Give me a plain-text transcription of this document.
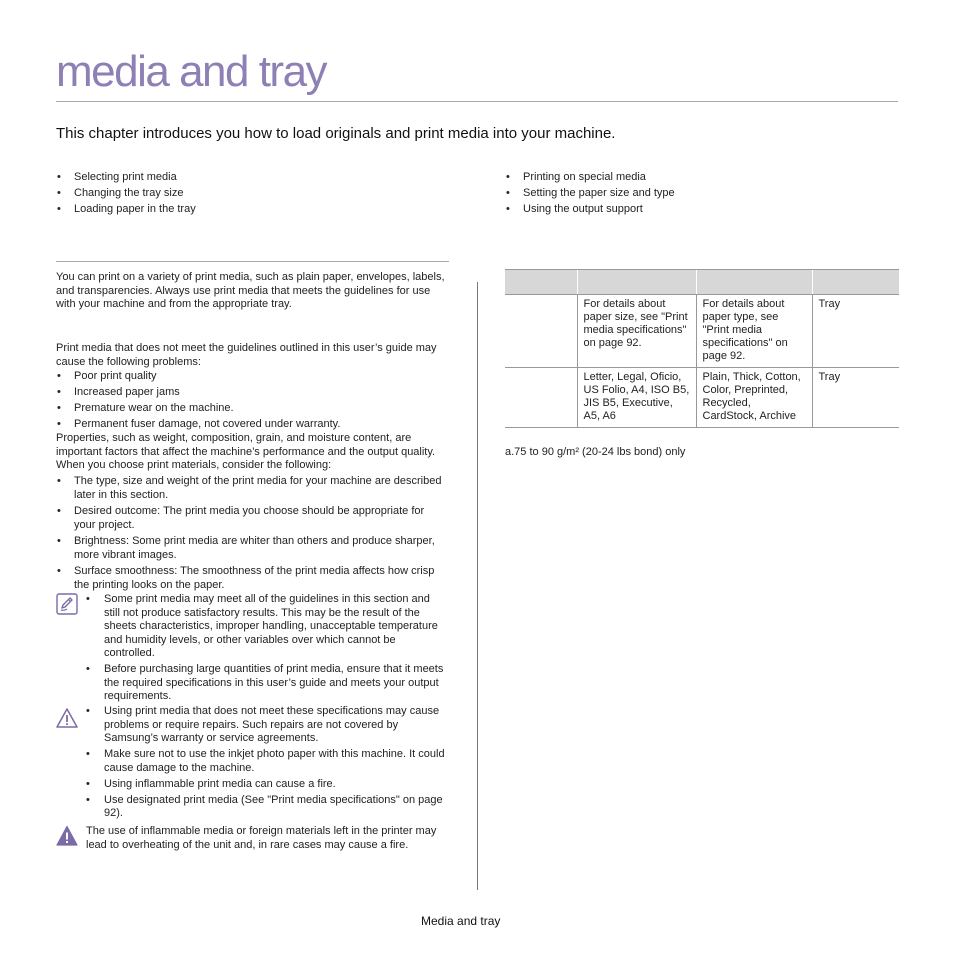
media and tray
This chapter introduces you how to load originals and print media into your machine.
• Selecting print media
• Changing the tray size
• Loading paper in the tray
• Printing on special media
• Setting the paper size and type
• Using the output support

You can print on a variety of print media, such as plain paper, envelopes, labels, and transparencies. Always use print media that meets the guidelines for use with your machine and from the appropriate tray.

Print media that does not meet the guidelines outlined in this user’s guide may cause the following problems:

• Poor print quality
• Increased paper jams
• Premature wear on the machine.
• Permanent fuser damage, not covered under warranty.

Properties, such as weight, composition, grain, and moisture content, are important factors that affect the machine’s performance and the output quality. When you choose print materials, consider the following:

• The type, size and weight of the print media for your machine are described later in this section.
• Desired outcome: The print media you choose should be appropriate for your project.
• Brightness: Some print media are whiter than others and produce sharper, more vibrant images.
• Surface smoothness: The smoothness of the print media affects how crisp the printing looks on the paper.
• Some print media may meet all of the guidelines in this section and still not produce satisfactory results. This may be the result of the sheets characteristics, improper handling, unacceptable temperature and humidity levels, or other variables over which cannot be controlled.
• Before purchasing large quantities of print media, ensure that it meets the required specifications in this user’s guide and meets your output requirements.
• Using print media that does not meet these specifications may cause problems or require repairs. Such repairs are not covered by Samsung’s warranty or service agreements.
• Make sure not to use the inkjet photo paper with this machine. It could cause damage to the machine.
• Using inflammable print media can cause a fire.
• Use designated print media (See "Print media specifications" on page 92).
The use of inflammable media or foreign materials left in the printer may lead to overheating of the unit and, in rare cases may cause a fire.

	For details about paper size, see "Print media specifications" on page 92.	For details about paper type, see "Print media specifications" on page 92.	Tray
	Letter, Legal, Oficio, US Folio, A4, ISO B5, JIS B5, Executive, A5, A6	Plain, Thick, Cotton, Color, Preprinted, Recycled, CardStock, Archive	Tray
a.75 to 90 g/m² (20-24 lbs bond) only
Media and tray
